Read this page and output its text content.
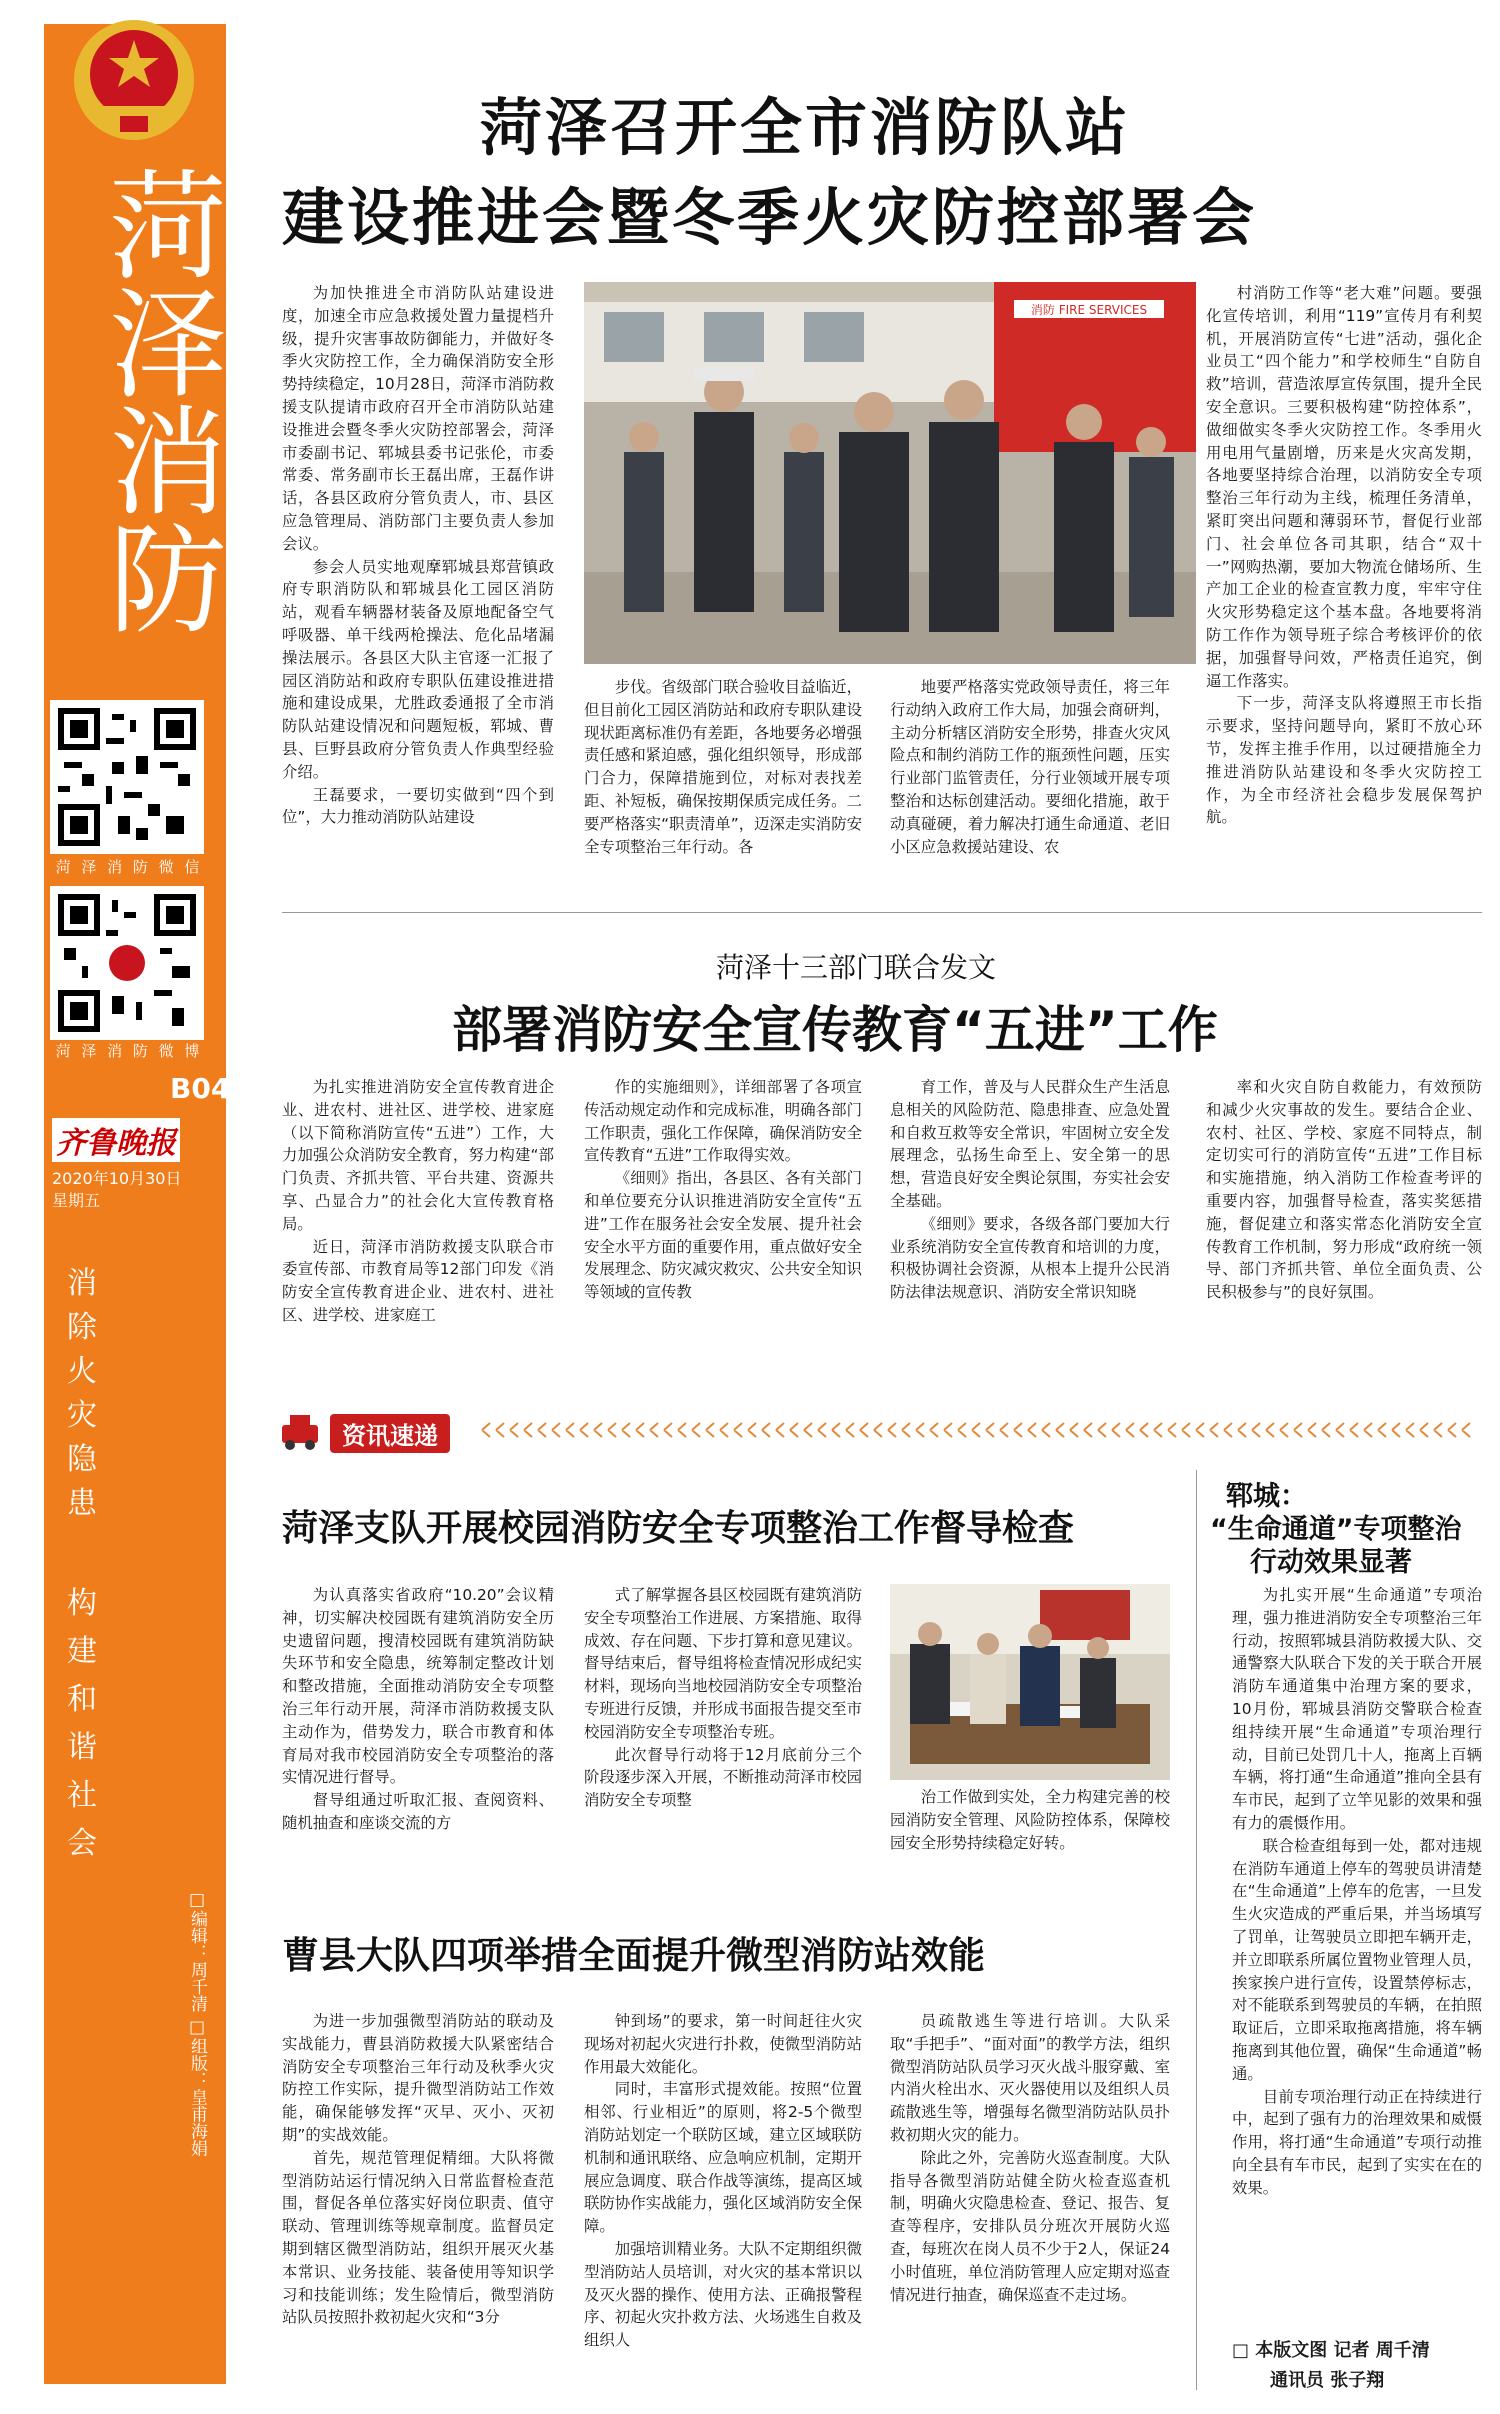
菏泽消防
菏 泽 消 防 微 信
菏 泽 消 防 微 博
B04
齐鲁晚报
2020年10月30日
星期五
消除火灾隐患
构建和谐社会
□编辑：周千清 □组版：皇甫海娟
菏泽召开全市消防队站
建设推进会暨冬季火灾防控部署会

为加快推进全市消防队站建设进度，加速全市应急救援处置力量提档升级，提升灾害事故防御能力，并做好冬季火灾防控工作，全力确保消防安全形势持续稳定，10月28日，菏泽市消防救援支队提请市政府召开全市消防队站建设推进会暨冬季火灾防控部署会，菏泽市委副书记、郓城县委书记张伦，市委常委、常务副市长王磊出席，王磊作讲话，各县区政府分管负责人，市、县区应急管理局、消防部门主要负责人参加会议。

参会人员实地观摩郓城县郑营镇政府专职消防队和郓城县化工园区消防站，观看车辆器材装备及原地配备空气呼吸器、单干线两枪操法、危化品堵漏操法展示。各县区大队主官逐一汇报了园区消防站和政府专职队伍建设推进措施和建设成果，尤胜政委通报了全市消防队站建设情况和问题短板，郓城、曹县、巨野县政府分管负责人作典型经验介绍。

王磊要求，一要切实做到“四个到位”，大力推动消防队站建设

消防 FIRE SERVICES

步伐。省级部门联合验收目益临近，但目前化工园区消防站和政府专职队建设现状距离标准仍有差距，各地要务必增强责任感和紧迫感，强化组织领导，形成部门合力，保障措施到位，对标对表找差距、补短板，确保按期保质完成任务。二要严格落实“职责清单”，迈深走实消防安全专项整治三年行动。各

地要严格落实党政领导责任，将三年行动纳入政府工作大局，加强会商研判，主动分析辖区消防安全形势，排查火灾风险点和制约消防工作的瓶颈性问题，压实行业部门监管责任，分行业领域开展专项整治和达标创建活动。要细化措施，敢于动真碰硬，着力解决打通生命通道、老旧小区应急救援站建设、农

村消防工作等“老大难”问题。要强化宣传培训，利用“119”宣传月有利契机，开展消防宣传“七进”活动，强化企业员工“四个能力”和学校师生“自防自救”培训，营造浓厚宣传氛围，提升全民安全意识。三要积极构建“防控体系”，做细做实冬季火灾防控工作。冬季用火用电用气量剧增，历来是火灾高发期，各地要坚持综合治理，以消防安全专项整治三年行动为主线，梳理任务清单，紧盯突出问题和薄弱环节，督促行业部门、社会单位各司其职，结合“双十一”网购热潮，要加大物流仓储场所、生产加工企业的检查宣教力度，牢牢守住火灾形势稳定这个基本盘。各地要将消防工作作为领导班子综合考核评价的依据，加强督导问效，严格责任追究，倒逼工作落实。

下一步，菏泽支队将遵照王市长指示要求，坚持问题导向，紧盯不放心环节，发挥主推手作用，以过硬措施全力推进消防队站建设和冬季火灾防控工作，为全市经济社会稳步发展保驾护航。

菏泽十三部门联合发文
部署消防安全宣传教育“五进”工作

为扎实推进消防安全宣传教育进企业、进农村、进社区、进学校、进家庭（以下简称消防宣传“五进”）工作，大力加强公众消防安全教育，努力构建“部门负责、齐抓共管、平台共建、资源共享、凸显合力”的社会化大宣传教育格局。

近日，菏泽市消防救援支队联合市委宣传部、市教育局等12部门印发《消防安全宣传教育进企业、进农村、进社区、进学校、进家庭工

作的实施细则》，详细部署了各项宣传活动规定动作和完成标准，明确各部门工作职责，强化工作保障，确保消防安全宣传教育“五进”工作取得实效。

《细则》指出，各县区、各有关部门和单位要充分认识推进消防安全宣传“五进”工作在服务社会安全发展、提升社会安全水平方面的重要作用，重点做好安全发展理念、防灾减灾救灾、公共安全知识等领域的宣传教

育工作，普及与人民群众生产生活息息相关的风险防范、隐患排查、应急处置和自救互救等安全常识，牢固树立安全发展理念，弘扬生命至上、安全第一的思想，营造良好安全舆论氛围，夯实社会安全基础。

《细则》要求，各级各部门要加大行业系统消防安全宣传教育和培训的力度，积极协调社会资源，从根本上提升公民消防法律法规意识、消防安全常识知晓

率和火灾自防自救能力，有效预防和减少火灾事故的发生。要结合企业、农村、社区、学校、家庭不同特点，制定切实可行的消防宣传“五进”工作目标和实施措施，纳入消防工作检查考评的重要内容，加强督导检查，落实奖惩措施，督促建立和落实常态化消防安全宣传教育工作机制，努力形成“政府统一领导、部门齐抓共管、单位全面负责、公民积极参与”的良好氛围。

资讯速递
菏泽支队开展校园消防安全专项整治工作督导检查

为认真落实省政府“10.20”会议精神，切实解决校园既有建筑消防安全历史遗留问题，搜清校园既有建筑消防缺失环节和安全隐患，统筹制定整改计划和整改措施，全面推动消防安全专项整治三年行动开展，菏泽市消防救援支队主动作为，借势发力，联合市教育和体育局对我市校园消防安全专项整治的落实情况进行督导。

督导组通过听取汇报、查阅资料、随机抽查和座谈交流的方

式了解掌握各县区校园既有建筑消防安全专项整治工作进展、方案措施、取得成效、存在问题、下步打算和意见建议。督导结束后，督导组将检查情况形成纪实材料，现场向当地校园消防安全专项整治专班进行反馈，并形成书面报告提交至市校园消防安全专项整治专班。

此次督导行动将于12月底前分三个阶段逐步深入开展，不断推动菏泽市校园消防安全专项整	治工作做到实处，全力构建完善的校园消防安全管理、风险防控体系，保障校园安全形势持续稳定好转。

曹县大队四项举措全面提升微型消防站效能

为进一步加强微型消防站的联动及实战能力，曹县消防救援大队紧密结合消防安全专项整治三年行动及秋季火灾防控工作实际，提升微型消防站工作效能，确保能够发挥“灭早、灭小、灭初期”的实战效能。

首先，规范管理促精细。大队将微型消防站运行情况纳入日常监督检查范围，督促各单位落实好岗位职责、值守联动、管理训练等规章制度。监督员定期到辖区微型消防站，组织开展灭火基本常识、业务技能、装备使用等知识学习和技能训练；发生险情后，微型消防站队员按照扑救初起火灾和“3分

钟到场”的要求，第一时间赶往火灾现场对初起火灾进行扑救，使微型消防站作用最大效能化。

同时，丰富形式提效能。按照“位置相邻、行业相近”的原则，将2-5个微型消防站划定一个联防区域，建立区域联防机制和通讯联络、应急响应机制，定期开展应急调度、联合作战等演练，提高区域联防协作实战能力，强化区域消防安全保障。

加强培训精业务。大队不定期组织微型消防站人员培训，对火灾的基本常识以及灭火器的操作、使用方法、正确报警程序、初起火灾扑救方法、火场逃生自救及组织人

员疏散逃生等进行培训。大队采取“手把手”、“面对面”的教学方法，组织微型消防站队员学习灭火战斗服穿戴、室内消火栓出水、灭火器使用以及组织人员疏散逃生等，增强每名微型消防站队员扑救初期火灾的能力。

除此之外，完善防火巡查制度。大队指导各微型消防站健全防火检查巡查机制，明确火灾隐患检查、登记、报告、复查等程序，安排队员分班次开展防火巡查，每班次在岗人员不少于2人，保证24小时值班，单位消防管理人应定期对巡查情况进行抽查，确保巡查不走过场。

郓城：
“生命通道”专项整治
行动效果显著

为扎实开展“生命通道”专项治理，强力推进消防安全专项整治三年行动，按照郓城县消防救援大队、交通警察大队联合下发的关于联合开展消防车通道集中治理方案的要求，10月份，郓城县消防交警联合检查组持续开展“生命通道”专项治理行动，目前已处罚几十人，拖离上百辆车辆，将打通“生命通道”推向全县有车市民，起到了立竿见影的效果和强有力的震慑作用。

联合检查组每到一处，都对违规在消防车通道上停车的驾驶员讲清楚在“生命通道”上停车的危害，一旦发生火灾造成的严重后果，并当场填写了罚单，让驾驶员立即把车辆开走，并立即联系所属位置物业管理人员，挨家挨户进行宣传，设置禁停标志，对不能联系到驾驶员的车辆，在拍照取证后，立即采取拖离措施，将车辆拖离到其他位置，确保“生命通道”畅通。

目前专项治理行动正在持续进行中，起到了强有力的治理效果和威慑作用，将打通“生命通道”专项行动推向全县有车市民，起到了实实在在的效果。

□ 本版文图 记者 周千清
通讯员 张子翔
